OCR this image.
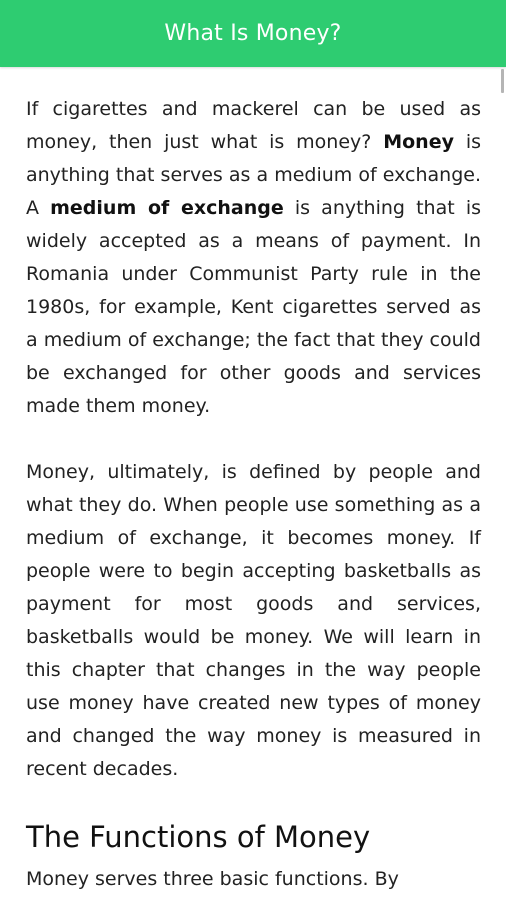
What Is Money?

If cigarettes and mackerel can be used as money, then just what is money? Money is anything that serves as a medium of exchange. A medium of exchange is anything that is widely accepted as a means of payment. In Romania under Communist Party rule in the 1980s, for example, Kent cigarettes served as a medium of exchange; the fact that they could be exchanged for other goods and services made them money.

Money, ultimately, is defined by people and what they do. When people use something as a medium of exchange, it becomes money. If people were to begin accepting basketballs as payment for most goods and services, basketballs would be money. We will learn in this chapter that changes in the way people use money have created new types of money and changed the way money is measured in recent decades.

The Functions of Money

Money serves three basic functions. By
